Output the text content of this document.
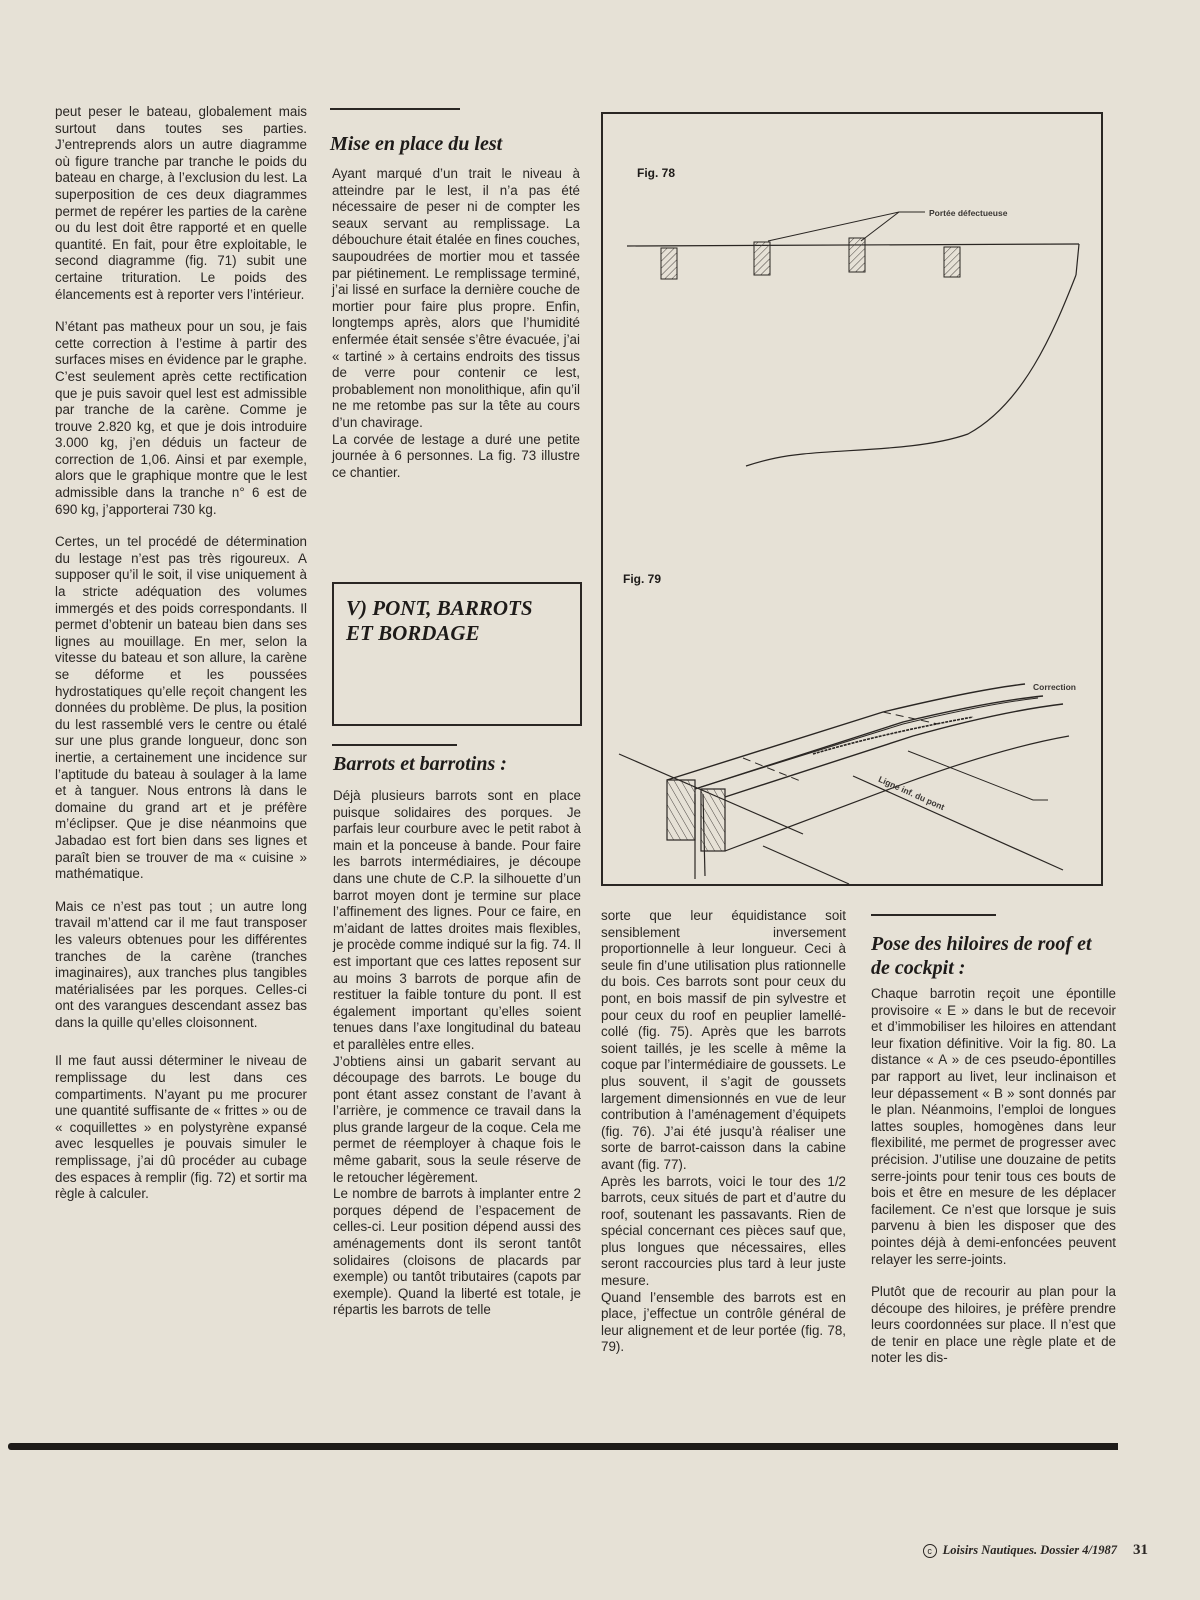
peut peser le bateau, globalement mais surtout dans toutes ses parties. J’entreprends alors un autre diagramme où figure tranche par tranche le poids du bateau en charge, à l’exclusion du lest. La superposition de ces deux diagrammes permet de repérer les parties de la carène ou du lest doit être rapporté et en quelle quantité. En fait, pour être exploitable, le second diagramme (fig. 71) subit une certaine trituration. Le poids des élancements est à reporter vers l’intérieur.

N’étant pas matheux pour un sou, je fais cette correction à l’estime à partir des surfaces mises en évidence par le graphe. C’est seulement après cette rectification que je puis savoir quel lest est admissible par tranche de la carène. Comme je trouve 2.820 kg, et que je dois introduire 3.000 kg, j’en déduis un facteur de correction de 1,06. Ainsi et par exemple, alors que le graphique montre que le lest admissible dans la tranche n° 6 est de 690 kg, j’apporterai 730 kg.

Certes, un tel procédé de détermination du lestage n’est pas très rigoureux. A supposer qu’il le soit, il vise uniquement à la stricte adéquation des volumes immergés et des poids correspondants. Il permet d’obtenir un bateau bien dans ses lignes au mouillage. En mer, selon la vitesse du bateau et son allure, la carène se déforme et les poussées hydrostatiques qu’elle reçoit changent les données du problème. De plus, la position du lest rassemblé vers le centre ou étalé sur une plus grande longueur, donc son inertie, a certainement une incidence sur l’aptitude du bateau à soulager à la lame et à tanguer. Nous entrons là dans le domaine du grand art et je préfère m’éclipser. Que je dise néanmoins que Jabadao est fort bien dans ses lignes et paraît bien se trouver de ma « cuisine » mathématique.

Mais ce n’est pas tout ; un autre long travail m’attend car il me faut transposer les valeurs obtenues pour les différentes tranches de la carène (tranches imaginaires), aux tranches plus tangibles matérialisées par les porques. Celles-ci ont des varangues descendant assez bas dans la quille qu’elles cloisonnent.

Il me faut aussi déterminer le niveau de remplissage du lest dans ces compartiments. N’ayant pu me procurer une quantité suffisante de « frittes » ou de « coquillettes » en polystyrène expansé avec lesquelles je pouvais simuler le remplissage, j’ai dû procéder au cubage des espaces à remplir (fig. 72) et sortir ma règle à calculer.

Mise en place du lest

Ayant marqué d’un trait le niveau à atteindre par le lest, il n’a pas été nécessaire de peser ni de compter les seaux servant au remplissage. La débouchure était étalée en fines couches, saupoudrées de mortier mou et tassée par piétinement. Le remplissage terminé, j’ai lissé en surface la dernière couche de mortier pour faire plus propre. Enfin, longtemps après, alors que l’humidité enfermée était sensée s’être évacuée, j’ai « tartiné » à certains endroits des tissus de verre pour contenir ce lest, probablement non monolithique, afin qu’il ne me retombe pas sur la tête au cours d’un chavirage.

La corvée de lestage a duré une petite journée à 6 personnes. La fig. 73 illustre ce chantier.

V) PONT, BARROTS
ET BORDAGE
Barrots et barrotins :

Déjà plusieurs barrots sont en place puisque solidaires des porques. Je parfais leur courbure avec le petit rabot à main et la ponceuse à bande. Pour faire les barrots intermédiaires, je découpe dans une chute de C.P. la silhouette d’un barrot moyen dont je termine sur place l’affinement des lignes. Pour ce faire, en m’aidant de lattes droites mais flexibles, je procède comme indiqué sur la fig. 74. Il est important que ces lattes reposent sur au moins 3 barrots de porque afin de restituer la faible tonture du pont. Il est également important qu’elles soient tenues dans l’axe longitudinal du bateau et parallèles entre elles.

J’obtiens ainsi un gabarit servant au découpage des barrots. Le bouge du pont étant assez constant de l’avant à l’arrière, je commence ce travail dans la plus grande largeur de la coque. Cela me permet de réemployer à chaque fois le même gabarit, sous la seule réserve de le retoucher légèrement.

Le nombre de barrots à implanter entre 2 porques dépend de l’espacement de celles-ci. Leur position dépend aussi des aménagements dont ils seront tantôt solidaires (cloisons de placards par exemple) ou tantôt tributaires (capots par exemple). Quand la liberté est totale, je répartis les barrots de telle

sorte que leur équidistance soit sensiblement inversement proportionnelle à leur longueur. Ceci à seule fin d’une utilisation plus rationnelle du bois. Ces barrots sont pour ceux du pont, en bois massif de pin sylvestre et pour ceux du roof en peuplier lamellé-collé (fig. 75). Après que les barrots soient taillés, je les scelle à même la coque par l’intermédiaire de goussets. Le plus souvent, il s’agit de goussets largement dimensionnés en vue de leur contribution à l’aménagement d’équipets (fig. 76). J’ai été jusqu’à réaliser une sorte de barrot-caisson dans la cabine avant (fig. 77).

Après les barrots, voici le tour des 1/2 barrots, ceux situés de part et d’autre du roof, soutenant les passavants. Rien de spécial concernant ces pièces sauf que, plus longues que nécessaires, elles seront raccourcies plus tard à leur juste mesure.

Quand l’ensemble des barrots est en place, j’effectue un contrôle général de leur alignement et de leur portée (fig. 78, 79).

Pose des hiloires de roof et de cockpit :

Chaque barrotin reçoit une épontille provisoire « E » dans le but de recevoir et d’immobiliser les hiloires en attendant leur fixation définitive. Voir la fig. 80. La distance « A » de ces pseudo-épontilles par rapport au livet, leur inclinaison et leur dépassement « B » sont donnés par le plan. Néanmoins, l’emploi de longues lattes souples, homogènes dans leur flexibilité, me permet de progresser avec précision. J’utilise une douzaine de petits serre-joints pour tenir tous ces bouts de bois et être en mesure de les déplacer facilement. Ce n’est que lorsque je suis parvenu à bien les disposer que des pointes déjà à demi-enfoncées peuvent relayer les serre-joints.

Plutôt que de recourir au plan pour la découpe des hiloires, je préfère prendre leurs coordonnées sur place. Il n’est que de tenir en place une règle plate et de noter les dis-

Fig. 78
Portée défectueuse
Fig. 79
Correction
Ligne inf. du pont
c Loisirs Nautiques. Dossier 4/1987 31
